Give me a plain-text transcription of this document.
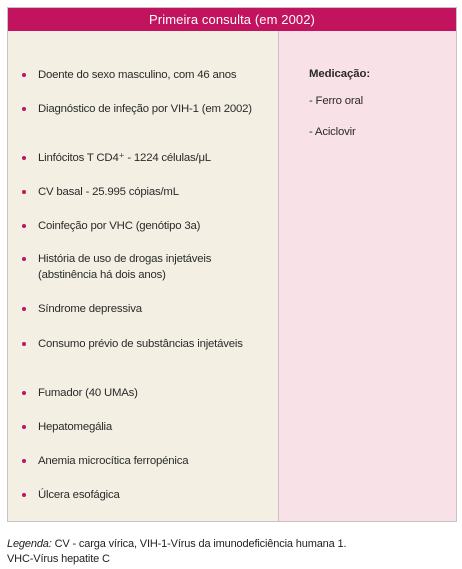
Primeira consulta (em 2002)
Doente do sexo masculino, com 46 anos
Diagnóstico de infeção por VIH-1 (em 2002)
Linfócitos T CD4⁺ - 1224 células/μL
CV basal - 25.995 cópias/mL
Coinfeção por VHC (genótipo 3a)
História de uso de drogas injetáveis (abstinência há dois anos)
Síndrome depressiva
Consumo prévio de substâncias injetáveis
Fumador (40 UMAs)
Hepatomegália
Anemia microcítica ferropénica
Úlcera esofágica
Medicação:
- Ferro oral
- Aciclovir
Legenda: CV - carga vírica, VIH-1-Vírus da imunodeficiência humana 1.
VHC-Vírus hepatite C
